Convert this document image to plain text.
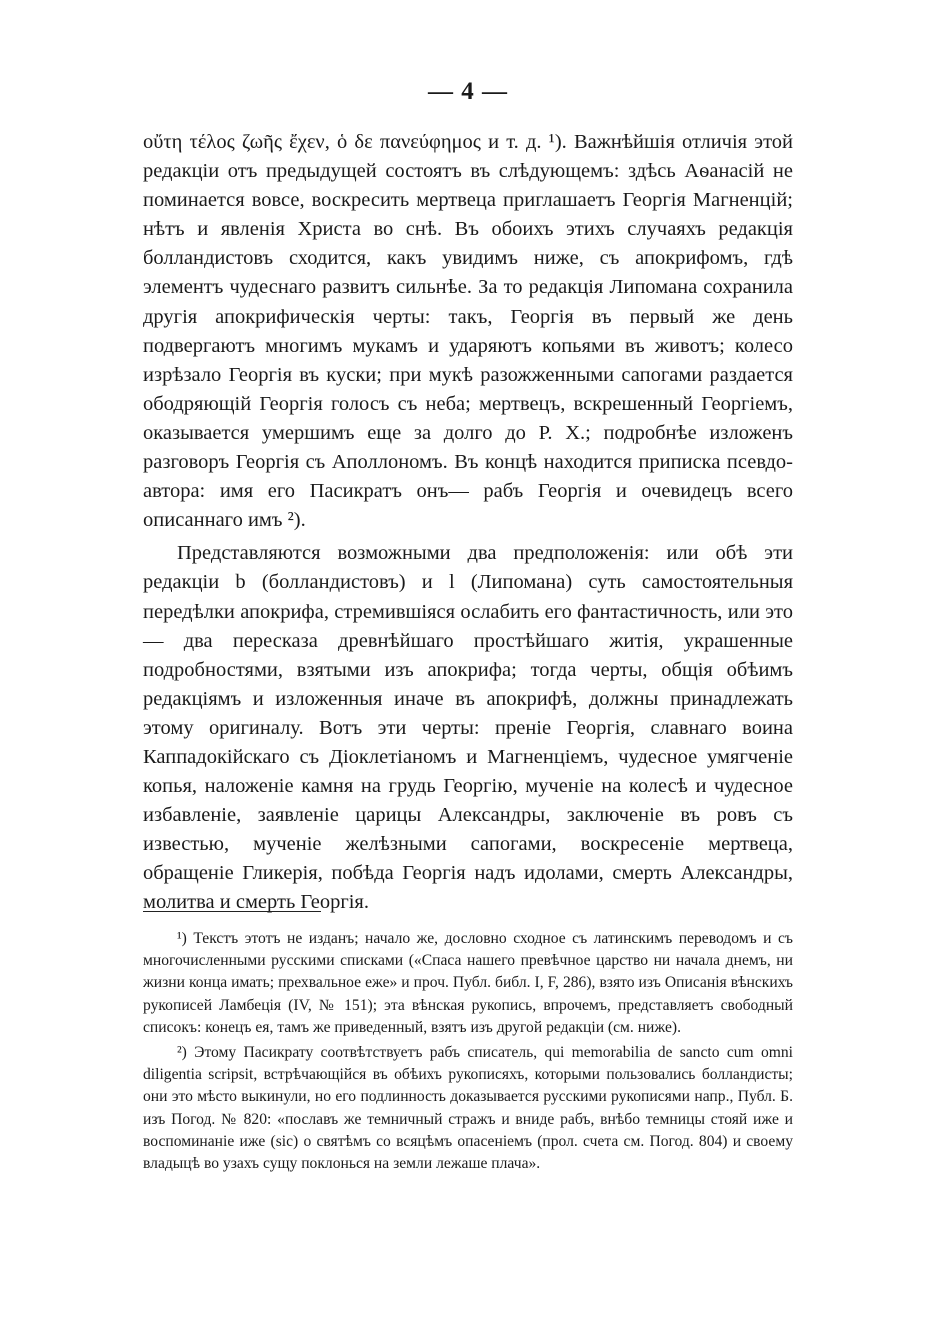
— 4 —

οὔτη τέλος ζωῆς ἔχεν, ὁ δε πανεύφημος и т. д. ¹). Важнѣйшія отличія этой редакціи отъ предыдущей состоятъ въ слѣдующемъ: здѣсь Аѳанасій не поминается вовсе, воскресить мертвеца приглашаетъ Георгія Магненцій; нѣтъ и явленія Христа во снѣ. Въ обоихъ этихъ случаяхъ редакція болландистовъ сходится, какъ увидимъ ниже, съ апокрифомъ, гдѣ элементъ чудеснаго развитъ сильнѣе. За то редакція Липомана сохранила другія апокрифическія черты: такъ, Георгія въ первый же день подвергаютъ многимъ мукамъ и ударяютъ копьями въ животъ; колесо изрѣзало Георгія въ куски; при мукѣ разожженными сапогами раздается ободряющій Георгія голосъ съ неба; мертвецъ, вскрешенный Георгіемъ, оказывается умершимъ еще за долго до Р. Х.; подробнѣе изложенъ разговоръ Георгія съ Аполлономъ. Въ концѣ находится приписка псевдо-автора: имя его Пасикратъ онъ— рабъ Георгія и очевидецъ всего описаннаго имъ ²).

Представляются возможными два предположенія: или обѣ эти редакціи b (болландистовъ) и l (Липомана) суть самостоятельныя передѣлки апокрифа, стремившіяся ослабить его фантастичность, или это— два пересказа древнѣйшаго простѣйшаго житія, украшенные подробностями, взятыми изъ апокрифа; тогда черты, общія обѣимъ редакціямъ и изложенныя иначе въ апокрифѣ, должны принадлежать этому оригиналу. Вотъ эти черты: преніе Георгія, славнаго воина Каппадокійскаго съ Діоклетіаномъ и Магненціемъ, чудесное умягченіе копья, наложеніе камня на грудь Георгію, мученіе на колесѣ и чудесное избавленіе, заявленіе царицы Александры, заключеніе въ ровъ съ известью, мученіе желѣзными сапогами, воскресеніе мертвеца, обращеніе Гликерія, побѣда Георгія надъ идолами, смерть Александры, молитва и смерть Георгія.

¹) Текстъ этотъ не изданъ; начало же, дословно сходное съ латинскимъ переводомъ и съ многочисленными русскими списками («Спаса нашего превѣчное царство ни начала днемъ, ни жизни конца имать; прехвальное еже» и проч. Публ. библ. I, F, 286), взято изъ Описанія вѣнскихъ рукописей Ламбеція (IV, № 151); эта вѣнская рукопись, впрочемъ, представляетъ свободный списокъ: конецъ ея, тамъ же приведенный, взятъ изъ другой редакціи (см. ниже).

²) Этому Пасикрату соотвѣтствуетъ рабъ списатель, qui memorabilia de sancto cum omni diligentia scripsit, встрѣчающійся въ обѣихъ рукописяхъ, которыми пользовались болландисты; они это мѣсто выкинули, но его подлинность доказывается русскими рукописями напр., Публ. Б. изъ Погод. № 820: «пославъ же темничный стражъ и вниде рабъ, внѣбо темницы стояй иже и воспоминаніе иже (sic) о святѣмъ со всяцѣмъ опасеніемъ (прол. счета см. Погод. 804) и своему владыцѣ во узахъ сущу поклонься на земли лежаше плача».
